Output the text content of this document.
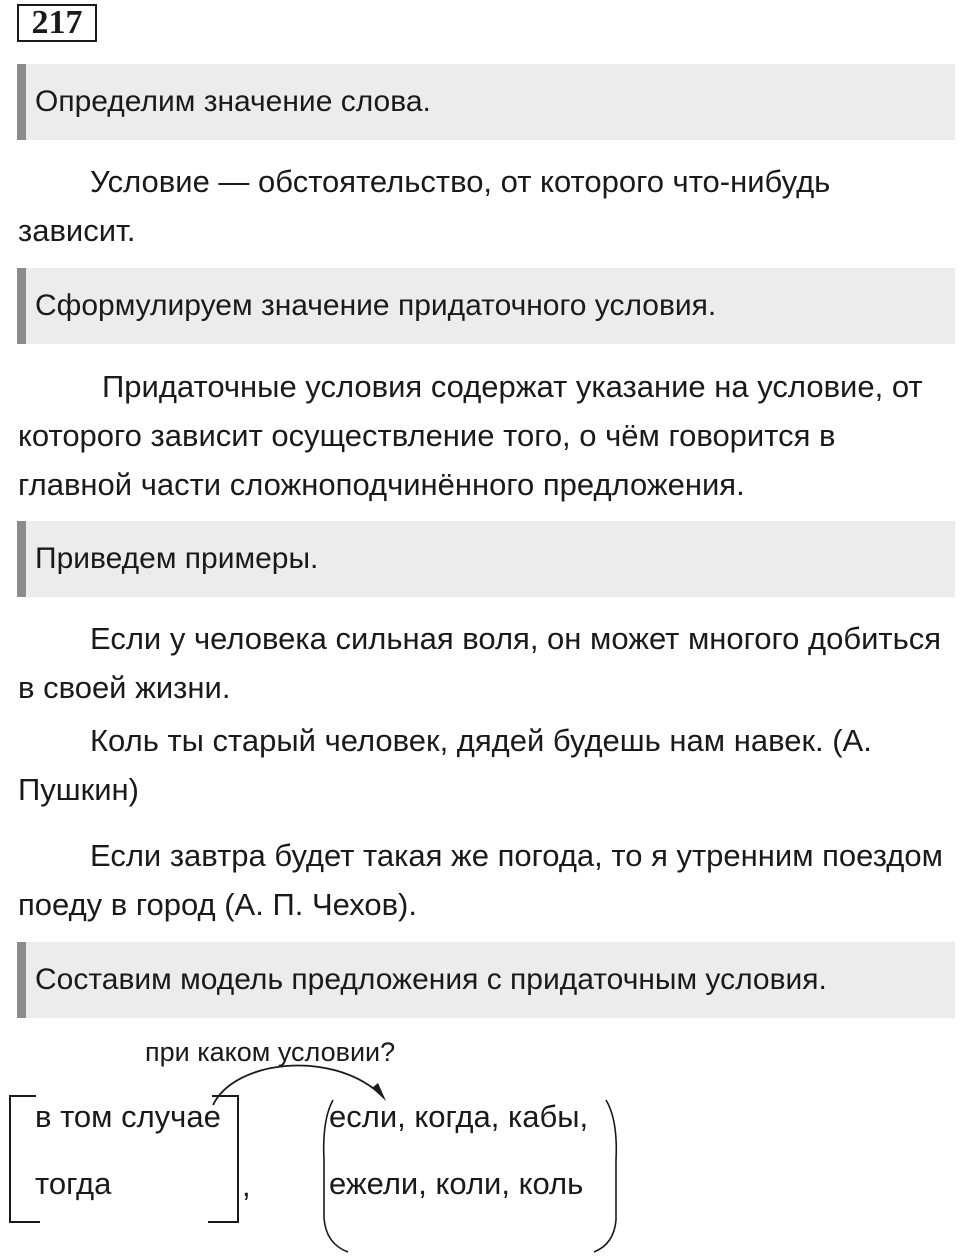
217
Определим значение слова.

Условие — обстоятельство, от которого что-нибудь зависит.

Сформулируем значение придаточного условия.

Придаточные условия содержат указание на условие, от которого зависит осуществление того, о чём говорится в главной части сложноподчинённого предложения.

Приведем примеры.

Если у человека сильная воля, он может многого добиться в своей жизни.

Коль ты старый человек, дядей будешь нам навек. (А. Пушкин)

Если завтра будет такая же погода, то я утренним поездом поеду в город (А. П. Чехов).

Составим модель предложения с придаточным условия.
при каком условии?
в том случае
тогда	,
если, когда, кабы,
ежели, коли, коль
